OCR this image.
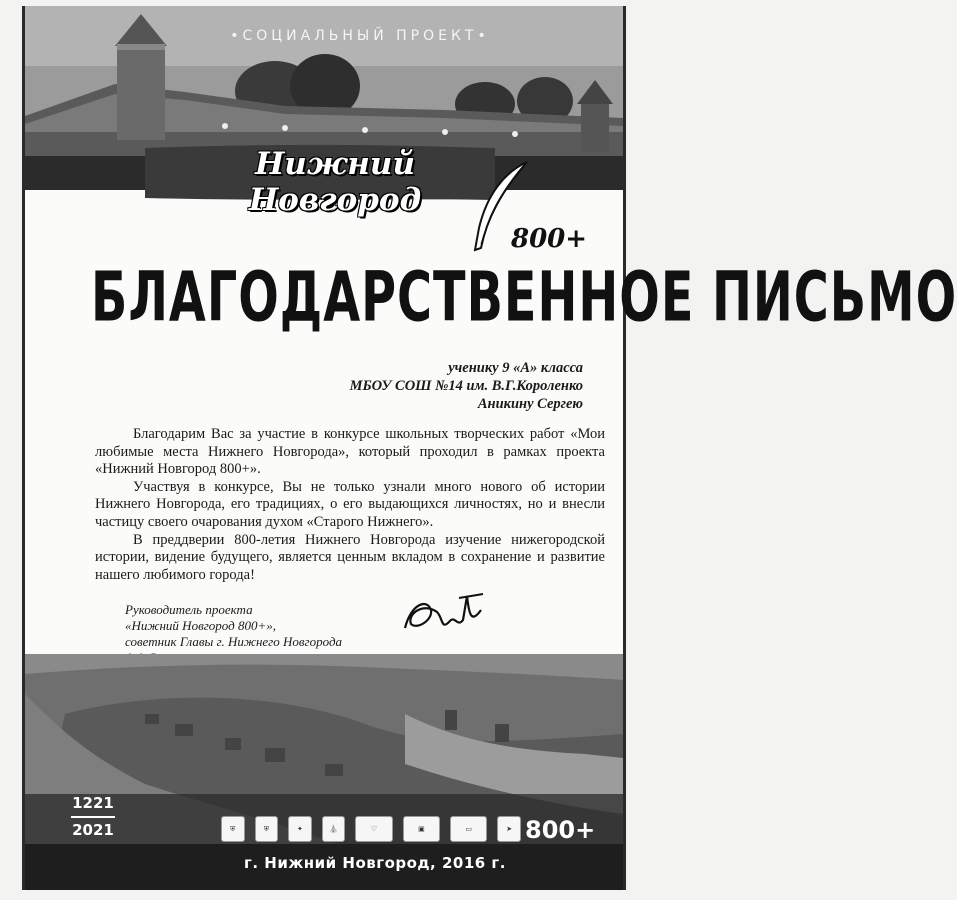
•СОЦИАЛЬНЫЙ ПРОЕКТ•
Нижний Новгород
800+
БЛАГОДАРСТВЕННОЕ ПИСЬМО
ученику 9 «А» класса
МБОУ СОШ №14 им. В.Г.Короленко
Аникину Сергею

Благодарим Вас за участие в конкурсе школьных творческих работ «Мои любимые места Нижнего Новгорода», который проходил в рамках проекта «Нижний Новгород 800+».

Участвуя в конкурсе, Вы не только узнали много нового об истории Нижнего Новгорода, его традициях, о его выдающихся личностях, но и внесли частицу своего очарования духом «Старого Нижнего».

В преддверии 800-летия Нижнего Новгорода изучение нижегородской истории, видение будущего, является ценным вкладом в сохранение и развитие нашего любимого города!

Руководитель проекта
«Нижний Новгород 800+»,
советник Главы г. Нижнего Новгорода
1221
2021	⛨	⛨	✦	⛪	♡	▣	▭	➤ 800+
г. Нижний Новгород, 2016 г.
